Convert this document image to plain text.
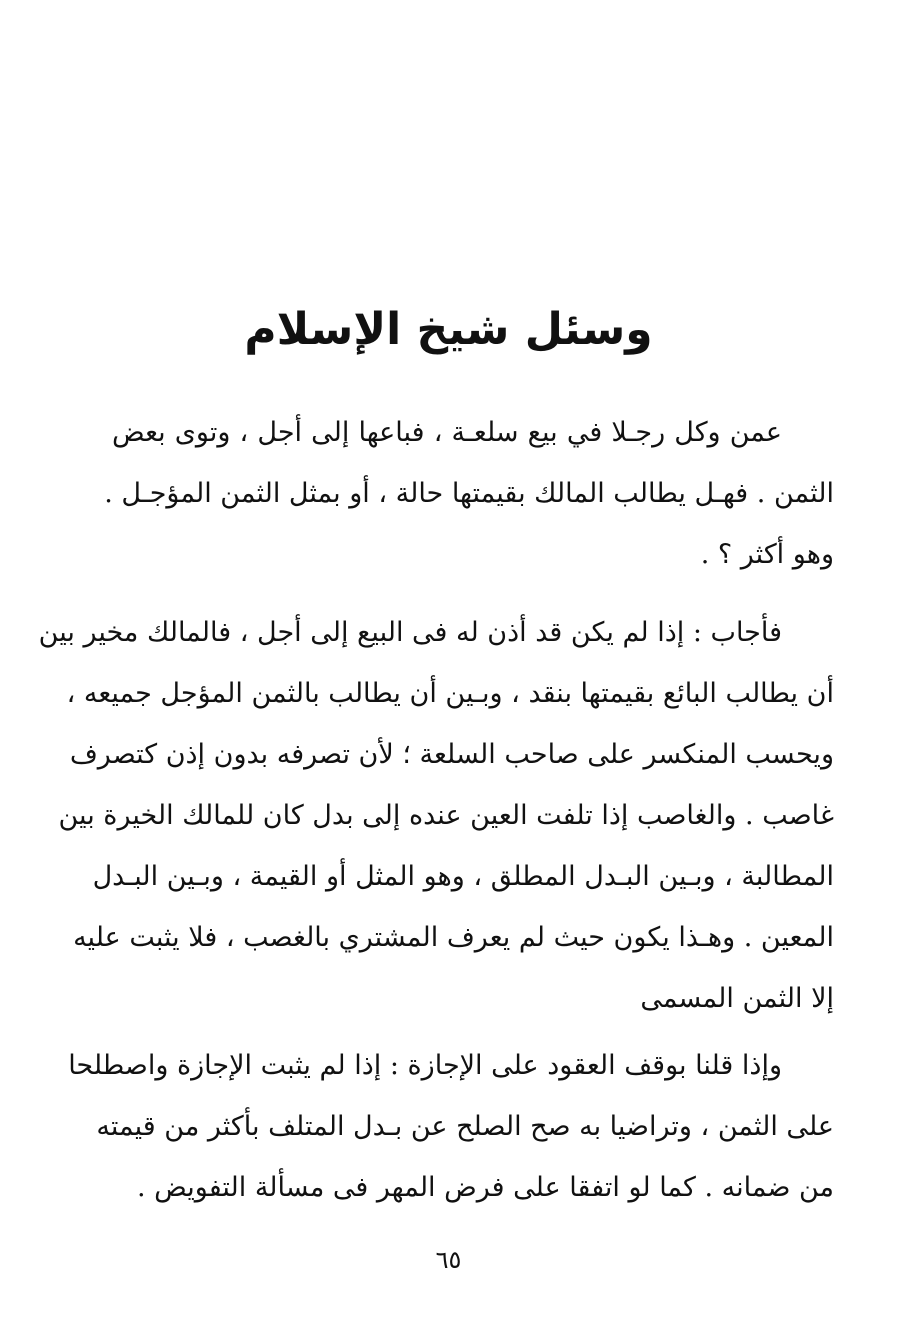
وسئل شيخ الإسلام
عمن وكل رجـلا في بيع سلعـة ، فباعها إلى أجل ، وتوى بعض
الثمن . فهـل يطالب المالك بقيمتها حالة ، أو بمثل الثمن المؤجـل .
وهو أكثر ؟ .
فأجاب : إذا لم يكن قد أذن له فى البيع إلى أجل ، فالمالك مخير بين
أن يطالب البائع بقيمتها بنقد ، وبـين أن يطالب بالثمن المؤجل جميعه ،
ويحسب المنكسر على صاحب السلعة ؛ لأن تصرفه بدون إذن كتصرف
غاصب . والغاصب إذا تلفت العين عنده إلى بدل كان للمالك الخيرة بين
المطالبة ، وبـين البـدل المطلق ، وهو المثل أو القيمة ، وبـين البـدل
المعين . وهـذا يكون حيث لم يعرف المشتري بالغصب ، فلا يثبت عليه
إلا الثمن المسمى
وإذا قلنا بوقف العقود على الإجازة : إذا لم يثبت الإجازة واصطلحا
على الثمن ، وتراضيا به صح الصلح عن بـدل المتلف بأكثر من قيمته
من ضمانه . كما لو اتفقا على فرض المهر فى مسألة التفويض .
٦٥
